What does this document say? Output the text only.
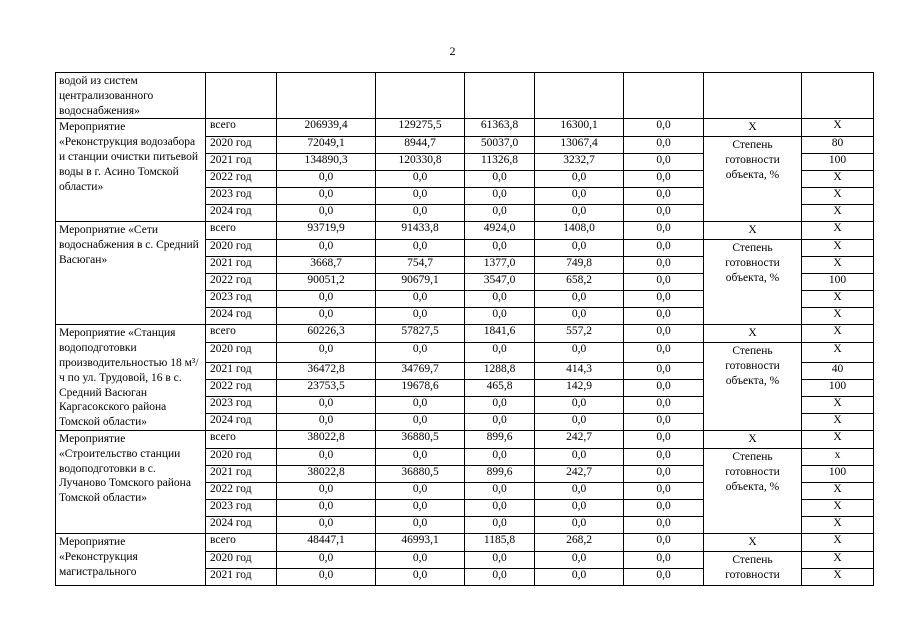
2
водой из систем централизованного водоснабжения»								
Мероприятие «Реконструкция водозабора и станции очистки питьевой воды в г. Асино Томской области»	всего	206939,4	129275,5	61363,8	16300,1	0,0	Х	Х
	2020 год	72049,1	8944,7	50037,0	13067,4	0,0	Степень готовности объекта, %	80
	2021 год	134890,3	120330,8	11326,8	3232,7	0,0		100
	2022 год	0,0	0,0	0,0	0,0	0,0		Х
	2023 год	0,0	0,0	0,0	0,0	0,0		Х
	2024 год	0,0	0,0	0,0	0,0	0,0		Х
Мероприятие «Сети водоснабжения в с. Средний Васюган»	всего	93719,9	91433,8	4924,0	1408,0	0,0	Х	Х
	2020 год	0,0	0,0	0,0	0,0	0,0	Степень готовности объекта, %	Х
	2021 год	3668,7	754,7	1377,0	749,8	0,0		Х
	2022 год	90051,2	90679,1	3547,0	658,2	0,0		100
	2023 год	0,0	0,0	0,0	0,0	0,0		Х
	2024 год	0,0	0,0	0,0	0,0	0,0		Х
Мероприятие «Станция водоподготовки производительностью 18 м³/ч по ул. Трудовой, 16 в с. Средний Васюган Каргасокского района Томской области»	всего	60226,3	57827,5	1841,6	557,2	0,0	Х	Х
	2020 год	0,0	0,0	0,0	0,0	0,0	Степень готовности объекта, %	Х
	2021 год	36472,8	34769,7	1288,8	414,3	0,0		40
	2022 год	23753,5	19678,6	465,8	142,9	0,0		100
	2023 год	0,0	0,0	0,0	0,0	0,0		Х
	2024 год	0,0	0,0	0,0	0,0	0,0		Х
Мероприятие «Строительство станции водоподготовки в с. Лучаново Томского района Томской области»	всего	38022,8	36880,5	899,6	242,7	0,0	Х	Х
	2020 год	0,0	0,0	0,0	0,0	0,0	Степень готовности объекта, %	х
	2021 год	38022,8	36880,5	899,6	242,7	0,0		100
	2022 год	0,0	0,0	0,0	0,0	0,0		Х
	2023 год	0,0	0,0	0,0	0,0	0,0		Х
	2024 год	0,0	0,0	0,0	0,0	0,0		Х
Мероприятие «Реконструкция магистрального	всего	48447,1	46993,1	1185,8	268,2	0,0	Х	Х
	2020 год	0,0	0,0	0,0	0,0	0,0	Степень готовности	Х
	2021 год	0,0	0,0	0,0	0,0	0,0		Х
